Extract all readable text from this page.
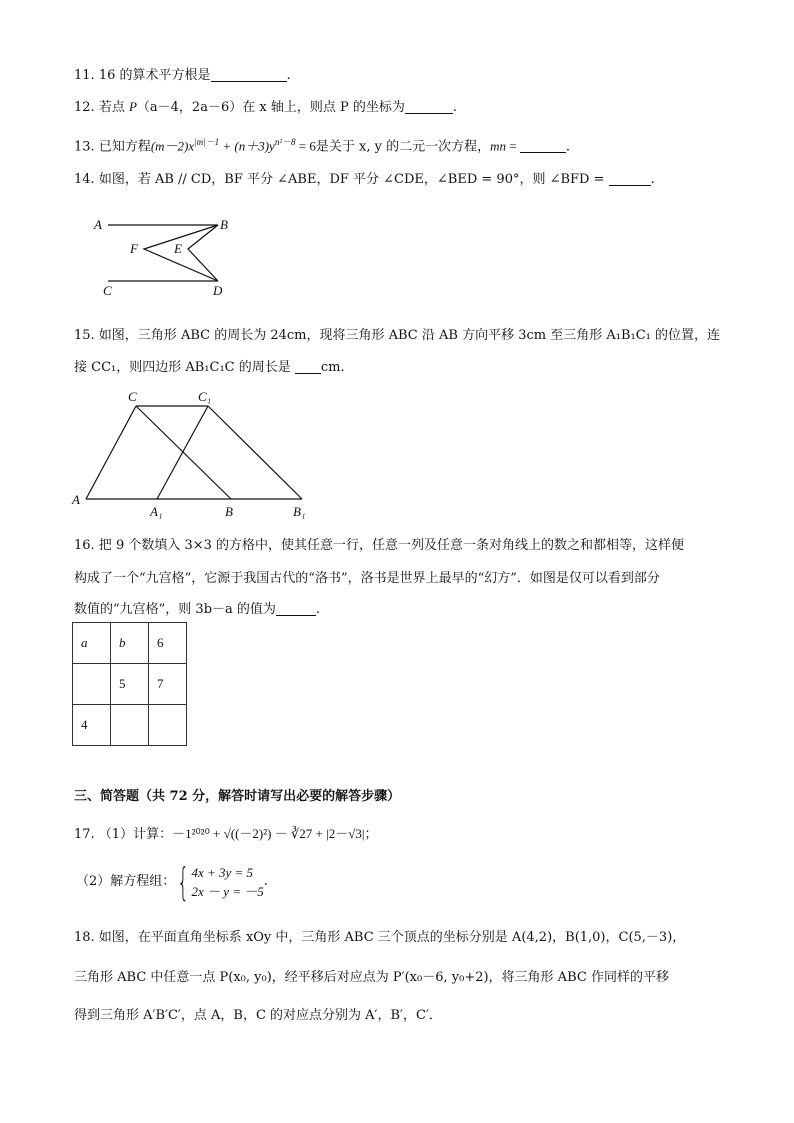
11. 16 的算术平方根是	.
12. 若点 P（a－4，2a－6）在 x 轴上，则点 P 的坐标为	.
13. 已知方程$(m-2)x^{|m|-1} + (n+3)y^{n^2-8} = 6$是关于 x, y 的二元一次方程，mn =	.
14. 如图，若 AB // CD，BF 平分 ∠ABE，DF 平分 ∠CDE，∠BED = 90°，则 ∠BFD =	.
A	B
C	D
E
F
15. 如图，三角形 ABC 的周长为 24cm，现将三角形 ABC 沿 AB 方向平移 3cm 至三角形 A₁B₁C₁ 的位置，连
接 CC₁，则四边形 AB₁C₁C 的周长是 cm.
C	C₁
A
A₁	B	B₁
16. 把 9 个数填入 3×3 的方格中，使其任意一行，任意一列及任意一条对角线上的数之和都相等，这样便
构成了一个“九宫格”，它源于我国古代的“洛书”，洛书是世界上最早的“幻方”．如图是仅可以看到部分
数值的“九宫格”，则 3b－a 的值为	.
a	b	6
	5	7
4		
三、简答题（共 72 分，解答时请写出必要的解答步骤）
17. （1）计算：－1²⁰²⁰ + √((－2)²) － ∛27 + |2－√3|；
（2）解方程组：{ 4x + 3y = 5
2x － y = －5
.
18. 如图，在平面直角坐标系 xOy 中，三角形 ABC 三个顶点的坐标分别是 A(4,2)，B(1,0)，C(5,－3)，
三角形 ABC 中任意一点 P(x₀, y₀)，经平移后对应点为 P′(x₀－6, y₀+2)，将三角形 ABC 作同样的平移
得到三角形 A′B′C′，点 A，B，C 的对应点分别为 A′，B′，C′．
